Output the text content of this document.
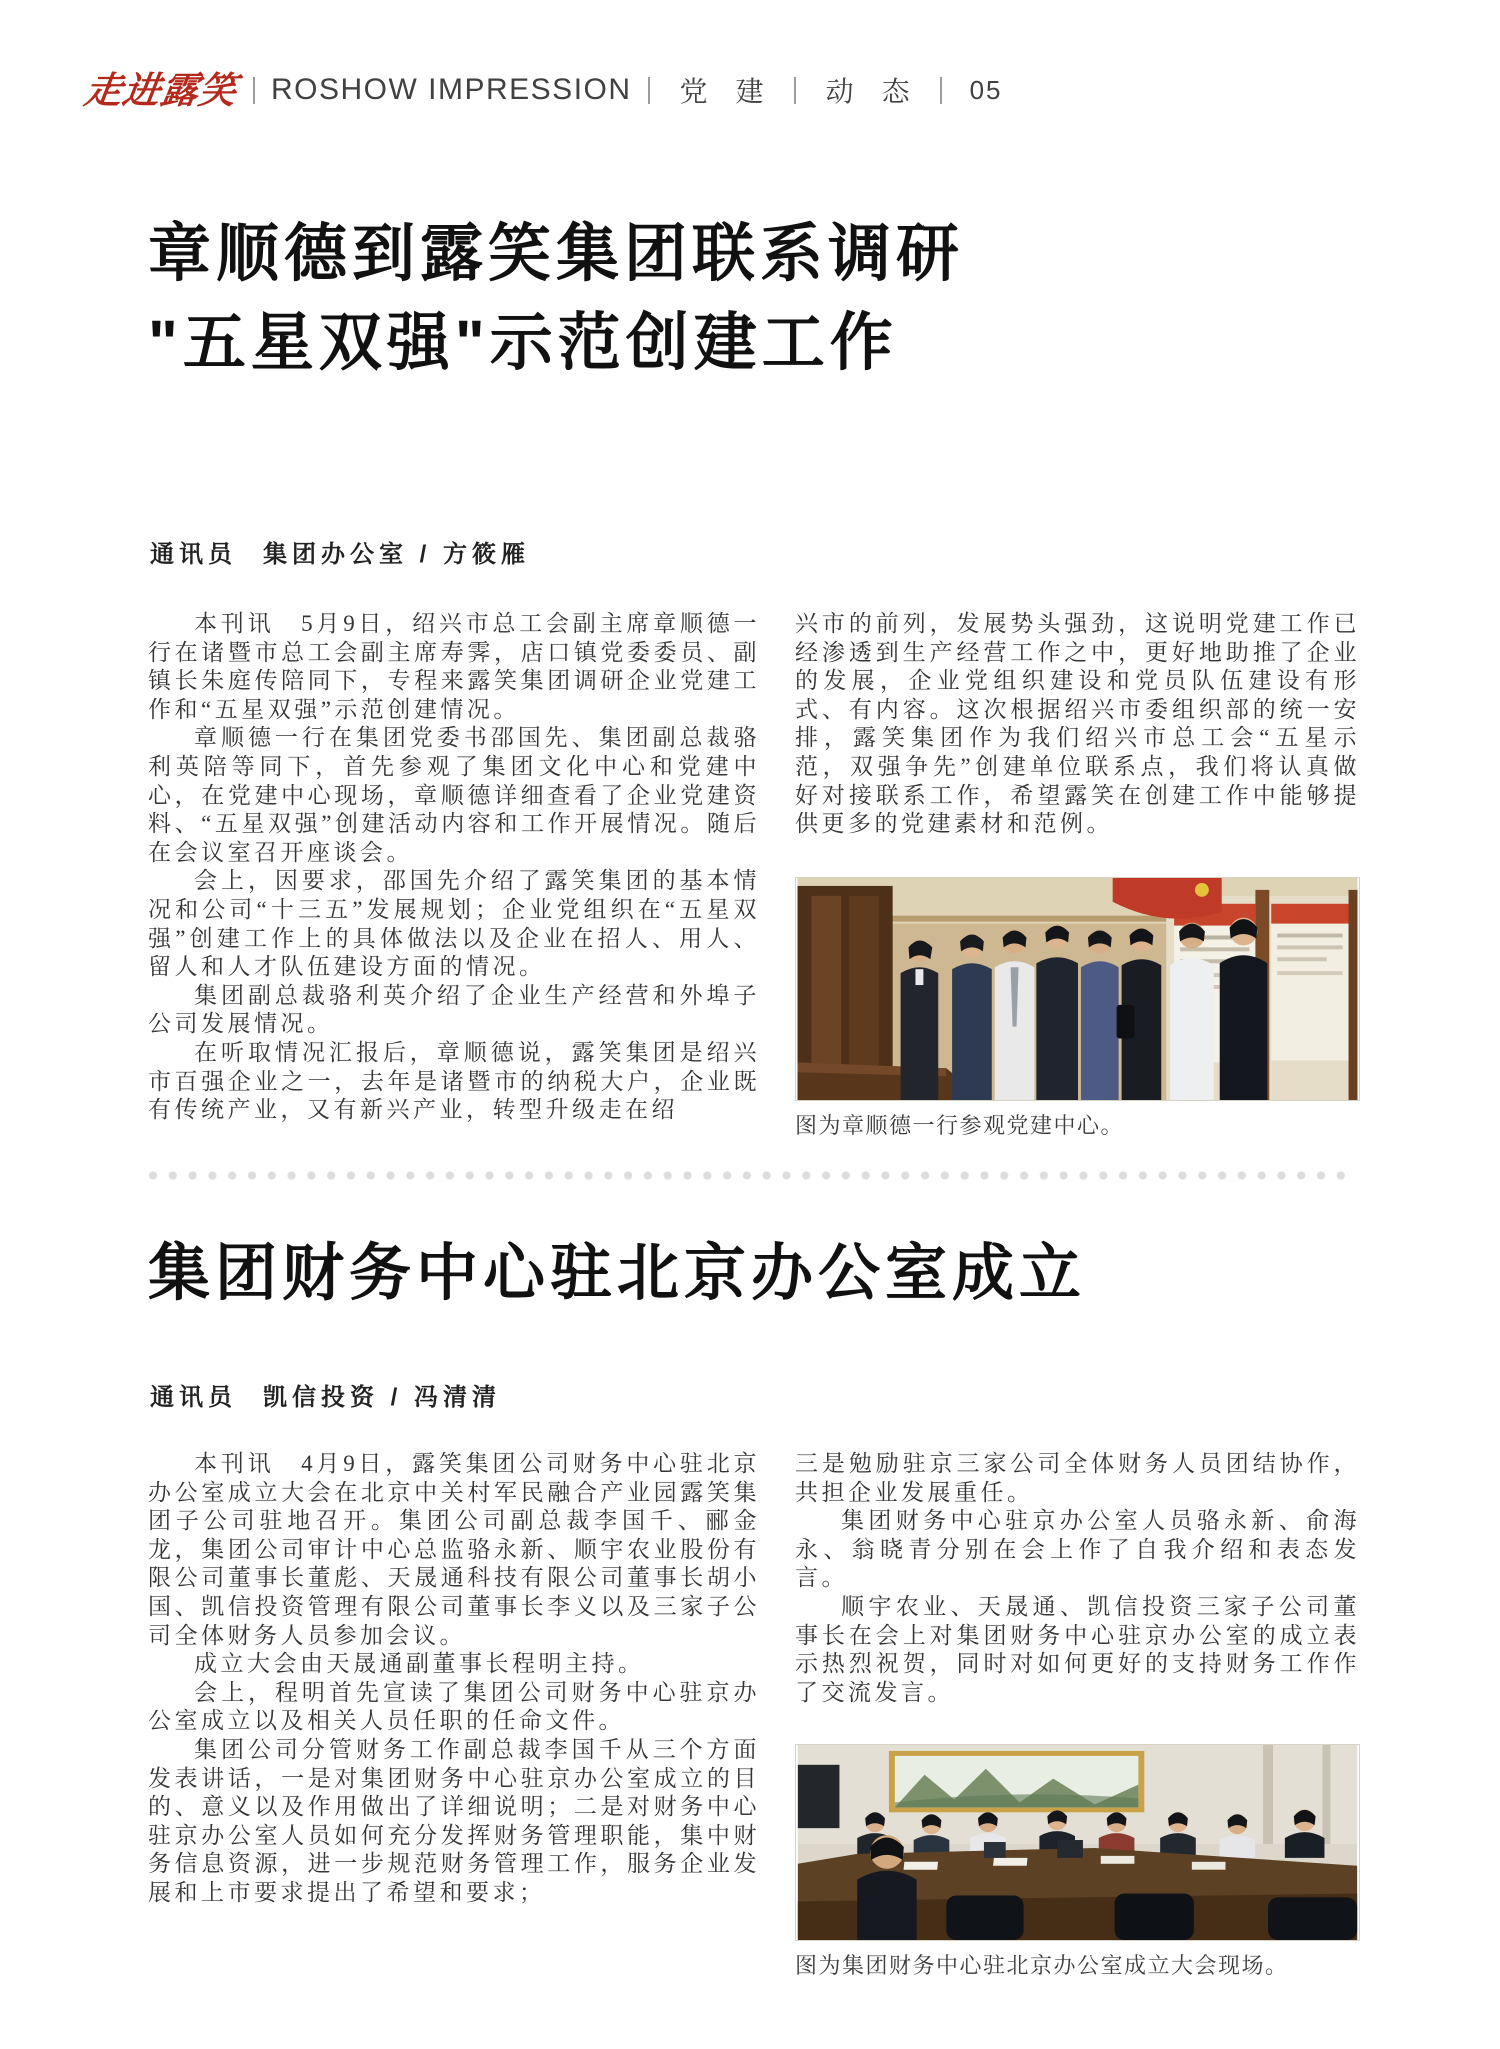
走进露笑 ROSHOW IMPRESSION 党 建 动 态 05
章顺德到露笑集团联系调研
"五星双强"示范创建工作
通讯员 集团办公室 / 方筱雁

本刊讯　5月9日，绍兴市总工会副主席章顺德一行在诸暨市总工会副主席寿霁，店口镇党委委员、副镇长朱庭传陪同下，专程来露笑集团调研企业党建工作和“五星双强”示范创建情况。

章顺德一行在集团党委书邵国先、集团副总裁骆利英陪等同下，首先参观了集团文化中心和党建中心，在党建中心现场，章顺德详细查看了企业党建资料、“五星双强”创建活动内容和工作开展情况。随后在会议室召开座谈会。

会上，因要求，邵国先介绍了露笑集团的基本情况和公司“十三五”发展规划；企业党组织在“五星双强”创建工作上的具体做法以及企业在招人、用人、留人和人才队伍建设方面的情况。

集团副总裁骆利英介绍了企业生产经营和外埠子公司发展情况。

在听取情况汇报后，章顺德说，露笑集团是绍兴市百强企业之一，去年是诸暨市的纳税大户，企业既有传统产业，又有新兴产业，转型升级走在绍

兴市的前列，发展势头强劲，这说明党建工作已经渗透到生产经营工作之中，更好地助推了企业的发展，企业党组织建设和党员队伍建设有形式、有内容。这次根据绍兴市委组织部的统一安排，露笑集团作为我们绍兴市总工会“五星示范，双强争先”创建单位联系点，我们将认真做好对接联系工作，希望露笑在创建工作中能够提供更多的党建素材和范例。

图为章顺德一行参观党建中心。
集团财务中心驻北京办公室成立
通讯员 凯信投资 / 冯清清

本刊讯　4月9日，露笑集团公司财务中心驻北京办公室成立大会在北京中关村军民融合产业园露笑集团子公司驻地召开。集团公司副总裁李国千、郦金龙，集团公司审计中心总监骆永新、顺宇农业股份有限公司董事长董彪、天晟通科技有限公司董事长胡小国、凯信投资管理有限公司董事长李义以及三家子公司全体财务人员参加会议。

成立大会由天晟通副董事长程明主持。

会上，程明首先宣读了集团公司财务中心驻京办公室成立以及相关人员任职的任命文件。

集团公司分管财务工作副总裁李国千从三个方面发表讲话，一是对集团财务中心驻京办公室成立的目的、意义以及作用做出了详细说明；二是对财务中心驻京办公室人员如何充分发挥财务管理职能，集中财务信息资源，进一步规范财务管理工作，服务企业发展和上市要求提出了希望和要求；

三是勉励驻京三家公司全体财务人员团结协作，共担企业发展重任。

集团财务中心驻京办公室人员骆永新、俞海永、翁晓青分别在会上作了自我介绍和表态发言。

顺宇农业、天晟通、凯信投资三家子公司董事长在会上对集团财务中心驻京办公室的成立表示热烈祝贺，同时对如何更好的支持财务工作作了交流发言。

图为集团财务中心驻北京办公室成立大会现场。
